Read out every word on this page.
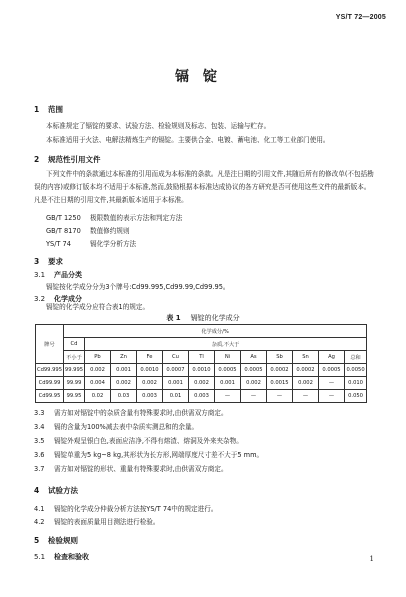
YS/T 72—2005
镉锭
1 范围
本标准规定了镉锭的要求、试验方法、检验规则及标志、包装、运输与贮存。
本标准适用于火法、电解法精炼生产的镉锭。主要供合金、电镀、蓄电池、化工等工业部门使用。
2 规范性引用文件
下列文件中的条款通过本标准的引用而成为本标准的条款。凡是注日期的引用文件,其随后所有的修改单(不包括勘误的内容)或修订版本均不适用于本标准,然而,鼓励根据本标准达成协议的各方研究是否可使用这些文件的最新版本。凡是不注日期的引用文件,其最新版本适用于本标准。
GB/T 1250 极限数值的表示方法和判定方法
GB/T 8170 数值修约规则
YS/T 74	镉化学分析方法
3 要求
3.1 产品分类
镉锭按化学成分分为3个牌号:Cd99.995,Cd99.99,Cd99.95。
3.2 化学成分
镉锭的化学成分应符合表1的规定。
表 1 镉锭的化学成分
牌号	化学成分/%											
	Cd	杂质,不大于										
	不小于	Pb	Zn	Fe	Cu	Tl	Ni	As	Sb	Sn	Ag	总和
Cd99.995	99.995	0.002	0.001	0.0010	0.0007	0.0010	0.0005	0.0005	0.0002	0.0002	0.0005	0.0050
Cd99.99	99.99	0.004	0.002	0.002	0.001	0.002	0.001	0.002	0.0015	0.002	—	0.010
Cd99.95	99.95	0.02	0.03	0.003	0.01	0.003	—	—	—	—	—	0.050
3.3 需方如对镉锭中的杂质含量有特殊要求时,由供需双方商定。
3.4 镉的含量为100%减去表中杂质实测总和的余量。
3.5 镉锭外观呈银白色,表面应洁净,不得有熔渣、熔洞及外来夹杂物。
3.6 镉锭单重为5 kg~8 kg,其形状为长方形,网端厚度尺寸差不大于5 mm。
3.7 需方如对镉锭的形状、重量有特殊要求时,由供需双方商定。
4 试验方法
4.1 镉锭的化学成分仲裁分析方法按YS/T 74中的规定进行。
4.2 镉锭的表面质量用目测法进行检验。
5 检验规则
5.1 检查和验收	1
